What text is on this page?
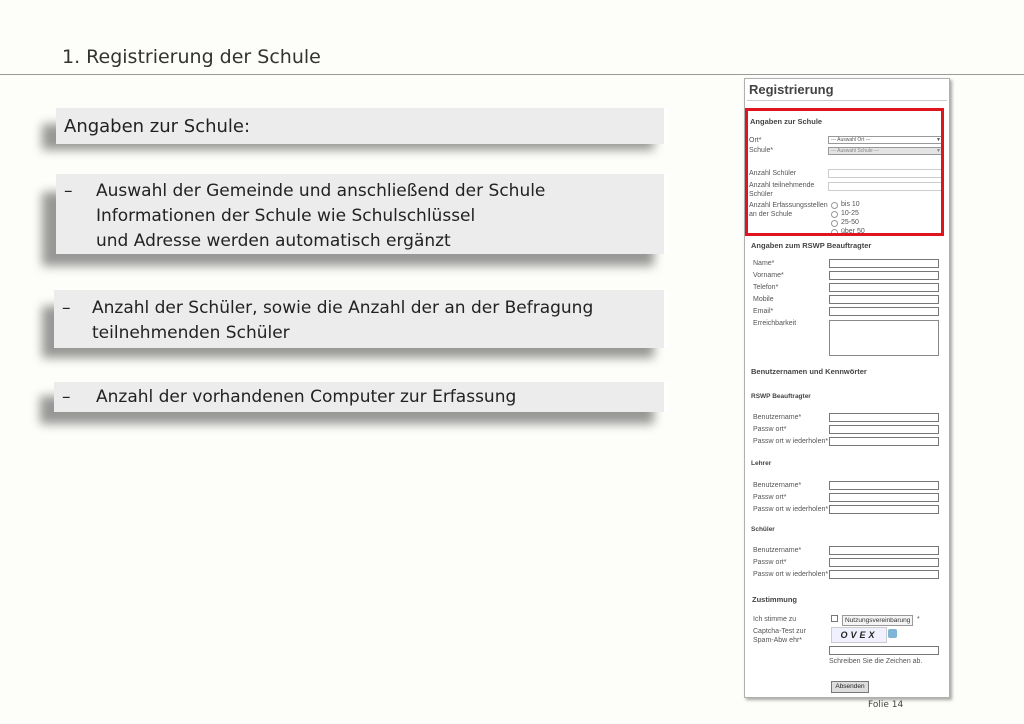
1. Registrierung der Schule
Angaben zur Schule:
– Auswahl der Gemeinde und anschließend der Schule
Informationen der Schule wie Schulschlüssel
und Adresse werden automatisch ergänzt
– Anzahl der Schüler, sowie die Anzahl der an der Befragung
teilnehmenden Schüler
– Anzahl der vorhandenen Computer zur Erfassung
Registrierung
Angaben zur Schule
Ort*	--- Auswahl Ort ---	▼
Schule*	--- Auswahl Schule ---	▼
Anzahl Schüler
Anzahl teilnehmende
Schüler
Anzahl Erfassungsstellen
an der Schule
bis 10
10-25
25-50
über 50
Angaben zum RSWP Beauftragter
Name*
Vorname*
Telefon*
Mobile
Email*
Erreichbarkeit
Benutzernamen und Kennwörter
RSWP Beauftragter
Benutzername*
Passw ort*
Passw ort w iederholen*
Lehrer
Benutzername*
Passw ort*
Passw ort w iederholen*
Schüler
Benutzername*
Passw ort*
Passw ort w iederholen*
Zustimmung
Ich stimme zu	Nutzungsvereinbarung *
Captcha-Test zur
Spam-Abw ehr*
OVEX
Schreiben Sie die Zeichen ab.
Absenden
Folie 14
